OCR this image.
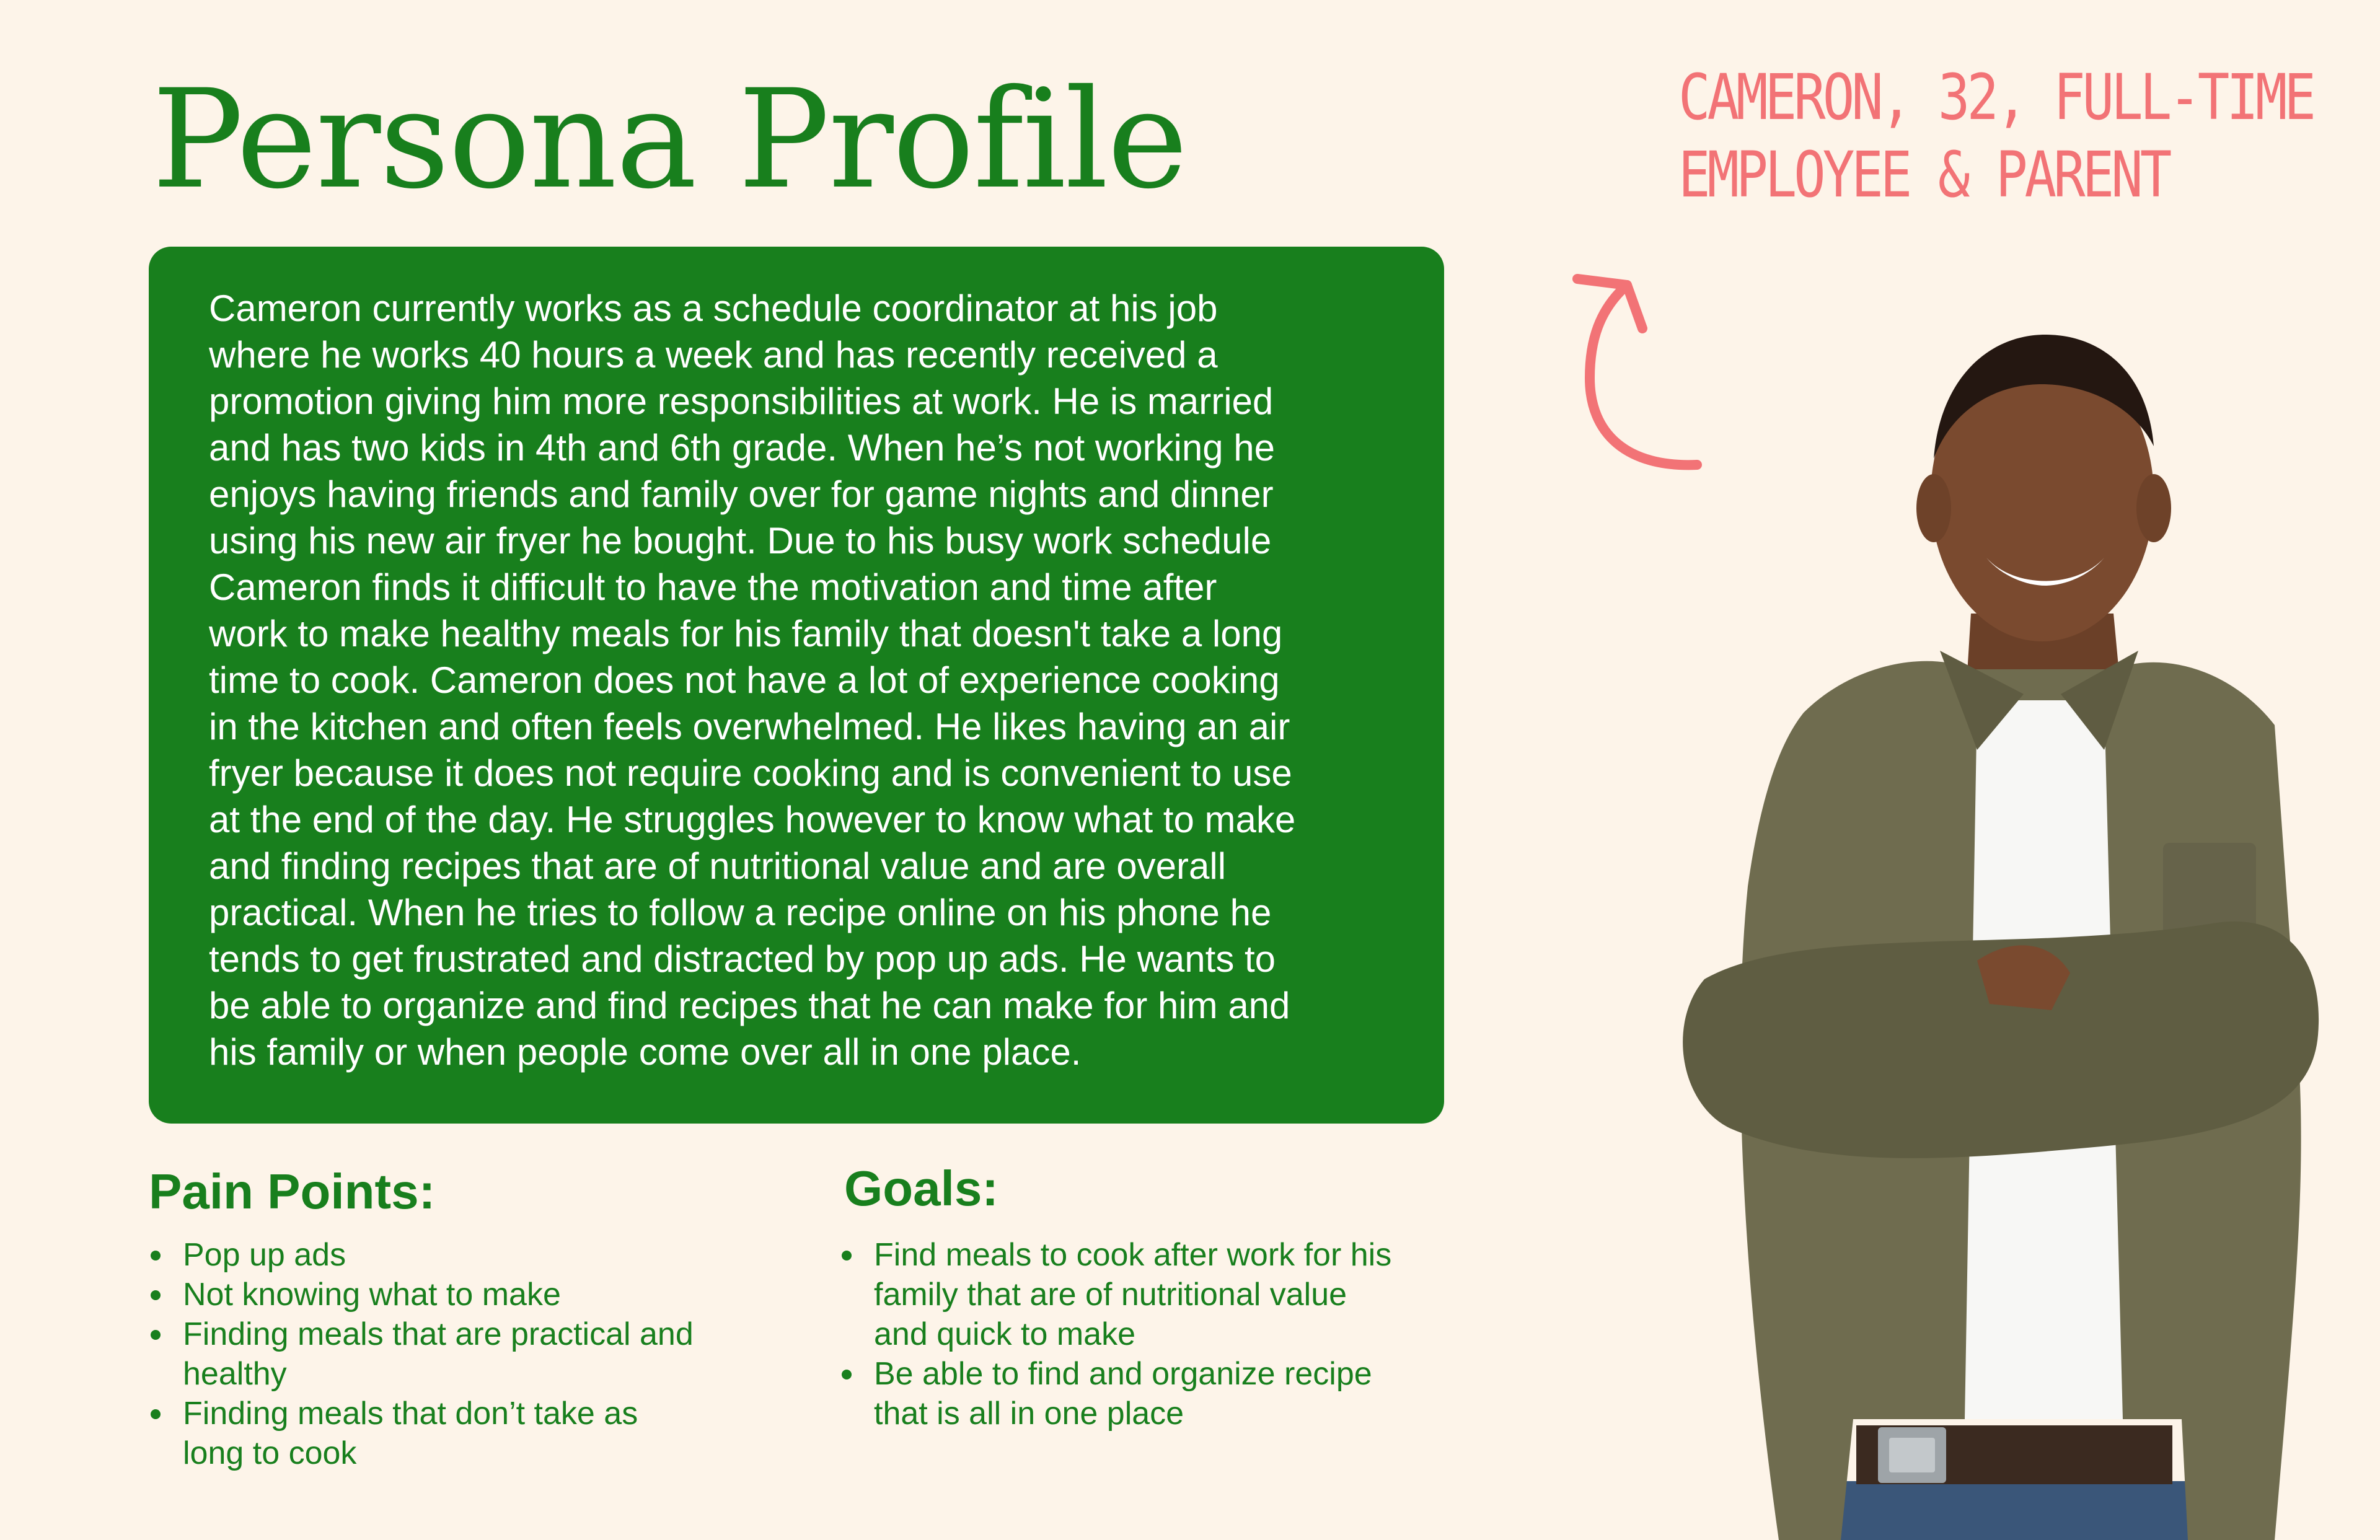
Persona Profile

Cameron currently works as a schedule coordinator at his job
where he works 40 hours a week and has recently received a
promotion giving him more responsibilities at work. He is married
and has two kids in 4th and 6th grade. When he’s not working he
enjoys having friends and family over for game nights and dinner
using his new air fryer he bought. Due to his busy work schedule
Cameron finds it difficult to have the motivation and time after
work to make healthy meals for his family that doesn't take a long
time to cook. Cameron does not have a lot of experience cooking
in the kitchen and often feels overwhelmed. He likes having an air
fryer because it does not require cooking and is convenient to use
at the end of the day. He struggles however to know what to make
and finding recipes that are of nutritional value and are overall
practical. When he tries to follow a recipe online on his phone he
tends to get frustrated and distracted by pop up ads. He wants to
be able to organize and find recipes that he can make for him and
his family or when people come over all in one place.

Pain Points:
Pop up ads
Not knowing what to make
Finding meals that are practical and healthy
Finding meals that don’t take as long to cook
Goals:
Find meals to cook after work for his family that are of nutritional value and quick to make
Be able to find and organize recipe that is all in one place
CAMERON, 32, FULL-TIME
EMPLOYEE & PARENT
